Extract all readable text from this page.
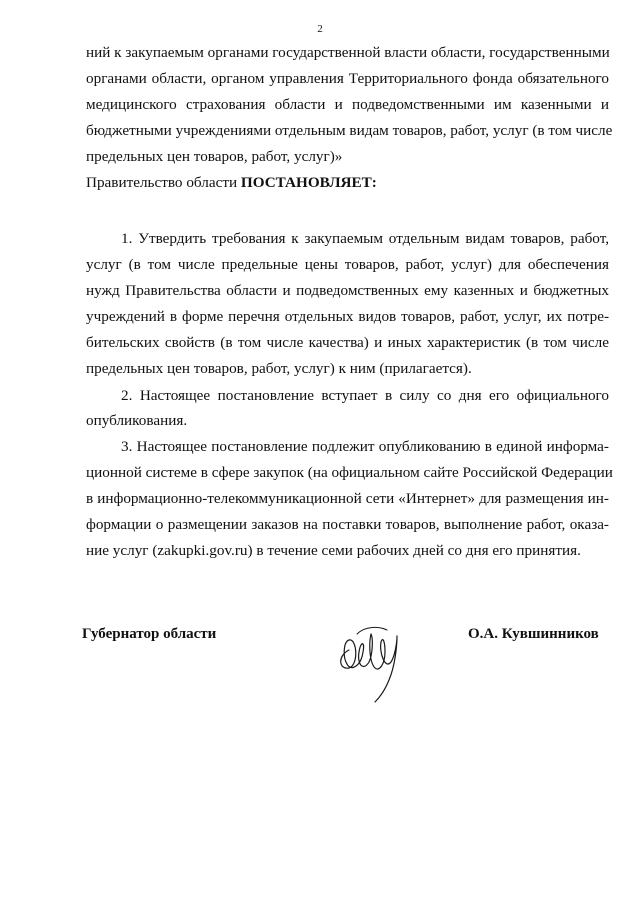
2
ний к закупаемым органами государственной власти области, государственными
органами области, органом управления Территориального фонда обязательного
медицинского страхования области и подведомственными им казенными и
бюджетными учреждениями отдельным видам товаров, работ, услуг (в том числе
предельных цен товаров, работ, услуг)»
Правительство области ПОСТАНОВЛЯЕТ:
1. Утвердить требования к закупаемым отдельным видам товаров, работ,
услуг (в том числе предельные цены товаров, работ, услуг) для обеспечения
нужд Правительства области и подведомственных ему казенных и бюджетных
учреждений в форме перечня отдельных видов товаров, работ, услуг, их потре-
бительских свойств (в том числе качества) и иных характеристик (в том числе
предельных цен товаров, работ, услуг) к ним (прилагается).
2. Настоящее постановление вступает в силу со дня его официального
опубликования.
3. Настоящее постановление подлежит опубликованию в единой информа-
ционной системе в сфере закупок (на официальном сайте Российской Федерации
в информационно-телекоммуникационной сети «Интернет» для размещения ин-
формации о размещении заказов на поставки товаров, выполнение работ, оказа-
ние услуг (zakupki.gov.ru) в течение семи рабочих дней со дня его принятия.
Губернатор области	О.А. Кувшинников
